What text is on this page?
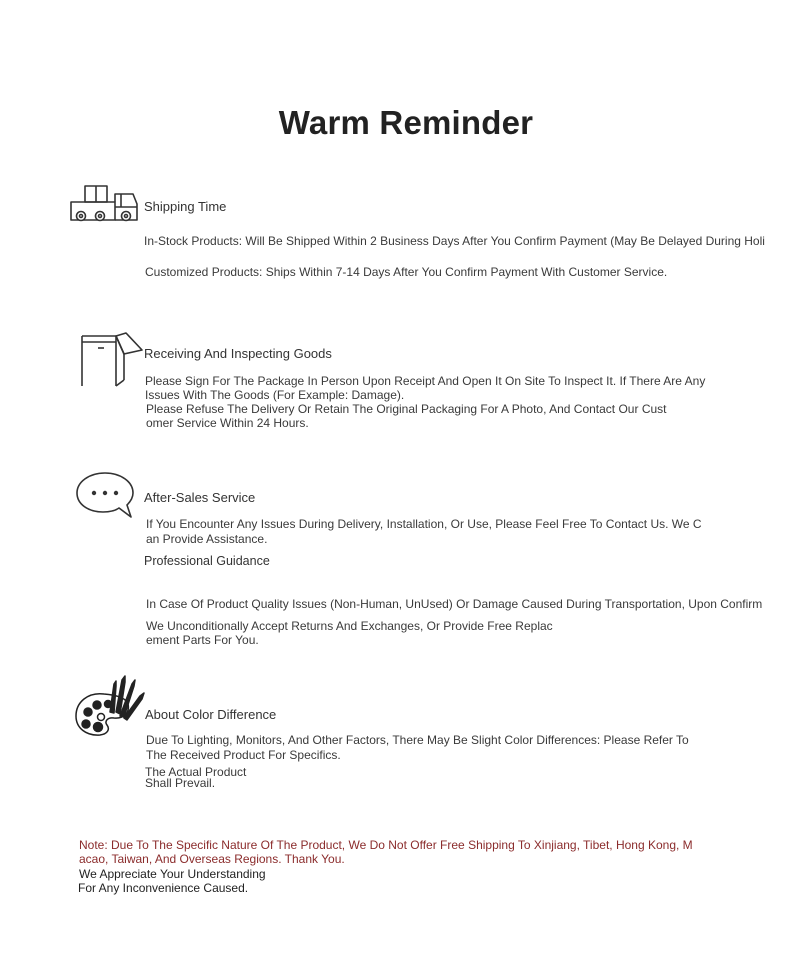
Warm Reminder
Shipping Time
In-Stock Products: Will Be Shipped Within 2 Business Days After You Confirm Payment (May Be Delayed During Holi
Customized Products: Ships Within 7-14 Days After You Confirm Payment With Customer Service.
Receiving And Inspecting Goods
Please Sign For The Package In Person Upon Receipt And Open It On Site To Inspect It. If There Are Any
Issues With The Goods (For Example: Damage).
Please Refuse The Delivery Or Retain The Original Packaging For A Photo, And Contact Our Cust
omer Service Within 24 Hours.
After-Sales Service
If You Encounter Any Issues During Delivery, Installation, Or Use, Please Feel Free To Contact Us. We C
an Provide Assistance.
Professional Guidance
In Case Of Product Quality Issues (Non-Human, UnUsed) Or Damage Caused During Transportation, Upon Confirm
We Unconditionally Accept Returns And Exchanges, Or Provide Free Replac
ement Parts For You.
About Color Difference
Due To Lighting, Monitors, And Other Factors, There May Be Slight Color Differences: Please Refer To
The Received Product For Specifics.
The Actual Product
Shall Prevail.
Note: Due To The Specific Nature Of The Product, We Do Not Offer Free Shipping To Xinjiang, Tibet, Hong Kong, M
acao, Taiwan, And Overseas Regions. Thank You.
We Appreciate Your Understanding
For Any Inconvenience Caused.
